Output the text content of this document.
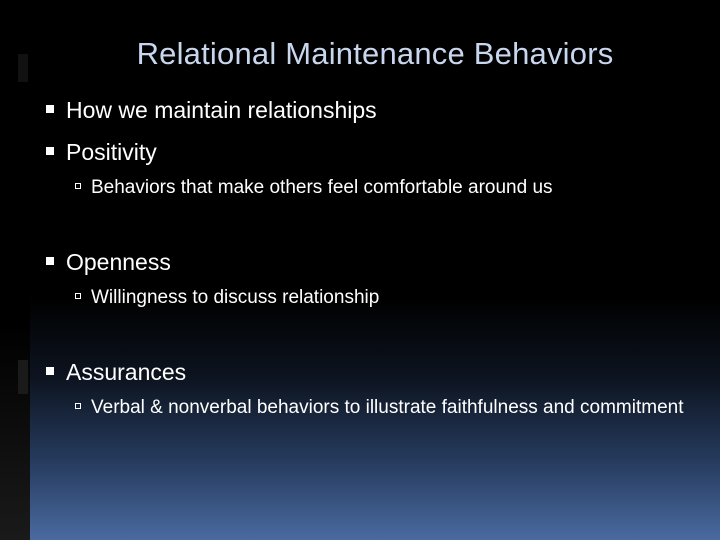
Relational Maintenance Behaviors
How we maintain relationships
Positivity
Behaviors that make others feel comfortable around us
Openness
Willingness to discuss relationship
Assurances
Verbal & nonverbal behaviors to illustrate faithfulness and commitment
